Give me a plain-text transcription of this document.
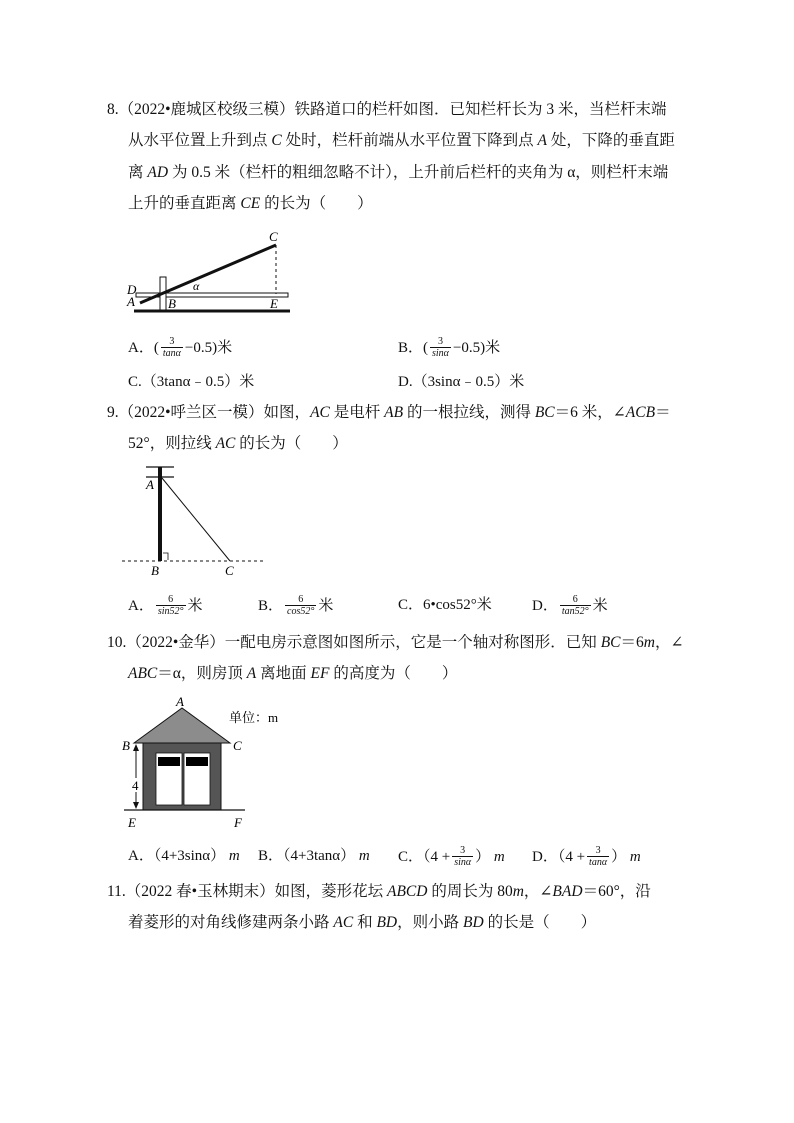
8.（2022•鹿城区校级三模）铁路道口的栏杆如图．已知栏杆长为 3 米，当栏杆末端
从水平位置上升到点 C 处时，栏杆前端从水平位置下降到点 A 处，下降的垂直距
离 AD 为 0.5 米（栏杆的粗细忽略不计），上升前后栏杆的夹角为 α，则栏杆末端
上升的垂直距离 CE 的长为（　　）
C
D
A	B	E
α
A．( $\frac{3}{\tan\alpha} -0.5$)米	B．( $\frac{3}{\sin\alpha} -0.5$)米
C.（3tanα﹣0.5）米	D.（3sinα﹣0.5）米
9.（2022•呼兰区一模）如图，AC 是电杆 AB 的一根拉线，测得 BC＝6 米，∠ACB＝
52°，则拉线 AC 的长为（　　）
A
B	C
A． $\frac{6}{\sin 52^\circ}$ 米	B． $\frac{6}{\cos 52^\circ}$ 米	C．6•cos52°米	D． $\frac{6}{\tan 52^\circ}$ 米
10.（2022•金华）一配电房示意图如图所示，它是一个轴对称图形．已知 BC＝6m，∠
ABC＝α，则房顶 A 离地面 EF 的高度为（　　）
4
A
B	C
E	F
单位：m
A．（4+3sinα）
m B．（4+3tanα）
m C．（$4 + \frac{3}{\sin\alpha}$ ）
m D．（$4 + \frac{3}{\tan\alpha}$ ）
m
11.（2022 春•玉林期末）如图，菱形花坛 ABCD 的周长为 80m，∠BAD＝60°，沿
着菱形的对角线修建两条小路 AC 和 BD，则小路 BD 的长是（　　）
